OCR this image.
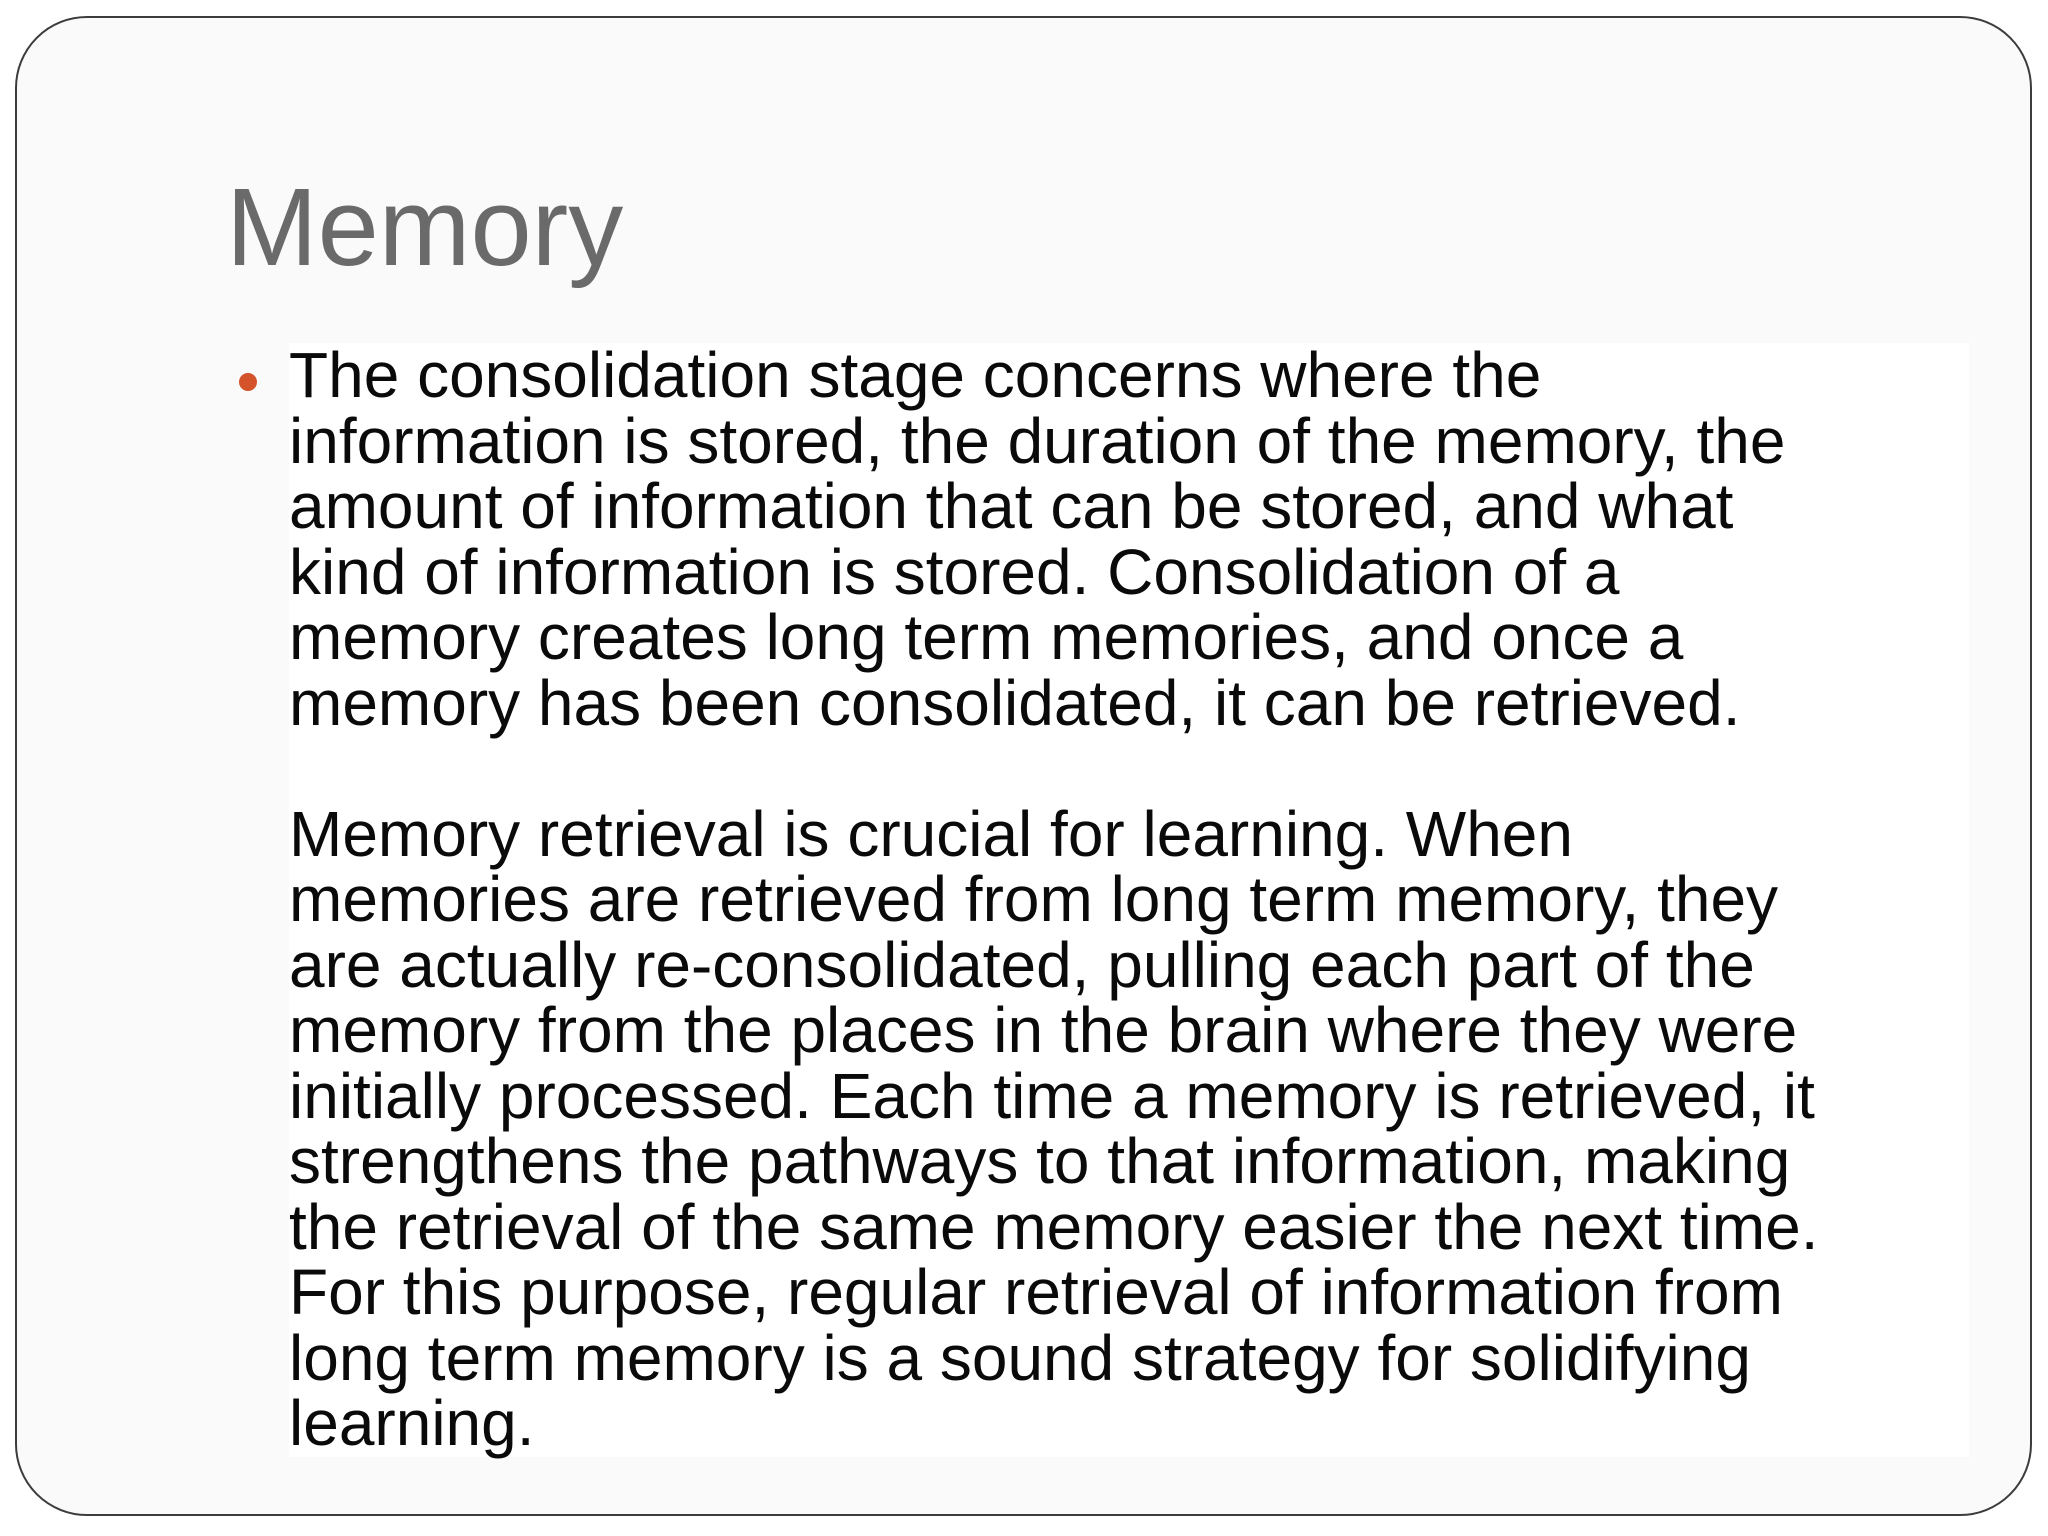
Memory

The consolidation stage concerns where the
information is stored, the duration of the memory, the
amount of information that can be stored, and what
kind of information is stored. Consolidation of a
memory creates long term memories, and once a
memory has been consolidated, it can be retrieved.

Memory retrieval is crucial for learning. When
memories are retrieved from long term memory, they
are actually re-consolidated, pulling each part of the
memory from the places in the brain where they were
initially processed. Each time a memory is retrieved, it
strengthens the pathways to that information, making
the retrieval of the same memory easier the next time.
For this purpose, regular retrieval of information from
long term memory is a sound strategy for solidifying
learning.
